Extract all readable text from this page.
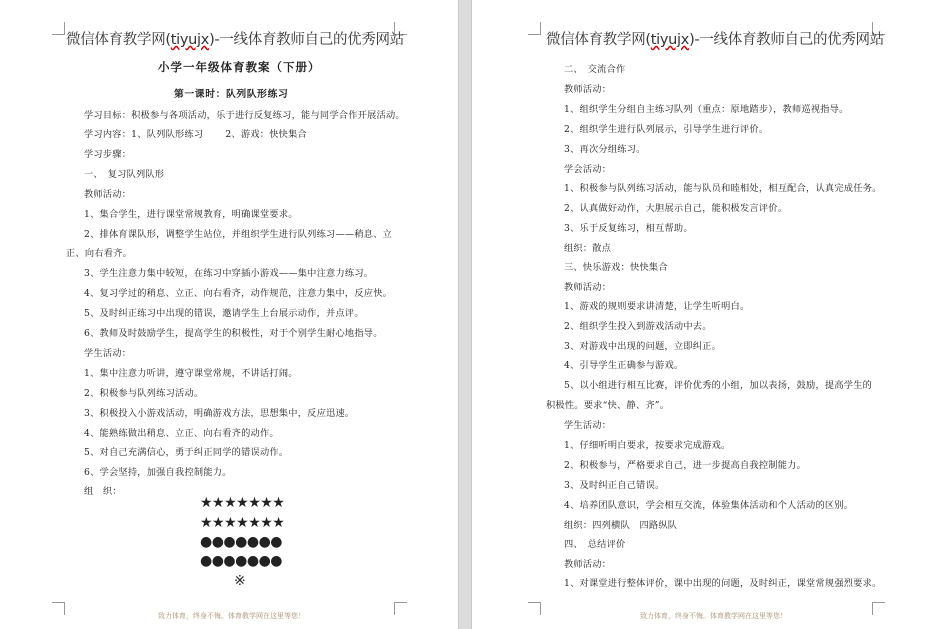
微信体育教学网(tiyujx)-一线体育教师自己的优秀网站
小学一年级体育教案（下册）
第一课时：队列队形练习
学习目标：积极参与各项活动，乐于进行反复练习，能与同学合作开展活动。
学习内容：1、队列队形练习　　 2、游戏：快快集合
学习步骤：
一、　复习队列队形
教师活动：
1、集合学生，进行课堂常规教育，明确课堂要求。
2、排体育课队形，调整学生站位，并组织学生进行队列练习——稍息、立
正、向右看齐。
3、学生注意力集中较短，在练习中穿插小游戏——集中注意力练习。
4、复习学过的稍息、立正、向右看齐，动作规范，注意力集中，反应快。
5、及时纠正练习中出现的错误，邀请学生上台展示动作，并点评。
6、教师及时鼓励学生，提高学生的积极性，对于个别学生耐心地指导。
学生活动：
1、集中注意力听讲，遵守课堂常规，不讲话打闹。
2、积极参与队列练习活动。
3、积极投入小游戏活动，明确游戏方法，思想集中，反应迅速。
4、能熟练做出稍息、立正、向右看齐的动作。
5、对自己充满信心，勇于纠正同学的错误动作。
6、学会坚持，加强自我控制能力。
组　织：
★★★★★★★
★★★★★★★
●●●●●●●
●●●●●●●
※
致力体育，终身不悔。体育教学网在这里等您！
微信体育教学网(tiyujx)-一线体育教师自己的优秀网站
二、　交流合作
教师活动：
1、组织学生分组自主练习队列（重点：原地踏步），教师巡视指导。
2、组织学生进行队列展示，引导学生进行评价。
3、再次分组练习。
学会活动：
1、积极参与队列练习活动，能与队员和睦相处，相互配合，认真完成任务。
2、认真做好动作，大胆展示自己，能积极发言评价。
3、乐于反复练习，相互帮助。
组织：散点
三、快乐游戏：快快集合
教师活动：
1、游戏的规则要求讲清楚，让学生听明白。
2、组织学生投入到游戏活动中去。
3、对游戏中出现的问题，立即纠正。
4、引导学生正确参与游戏。
5、以小组进行相互比赛，评价优秀的小组，加以表扬，鼓励，提高学生的
积极性。要求“快、静、齐”。
学生活动：
1、仔细听明白要求，按要求完成游戏。
2、积极参与，严格要求自己，进一步提高自我控制能力。
3、及时纠正自己错误。
4、培养团队意识，学会相互交流，体验集体活动和个人活动的区别。
组织：四列横队　四路纵队
四、　总结评价
教师活动：
1、对课堂进行整体评价，课中出现的问题，及时纠正，课堂常规强烈要求。
致力体育，终身不悔。体育教学网在这里等您！
